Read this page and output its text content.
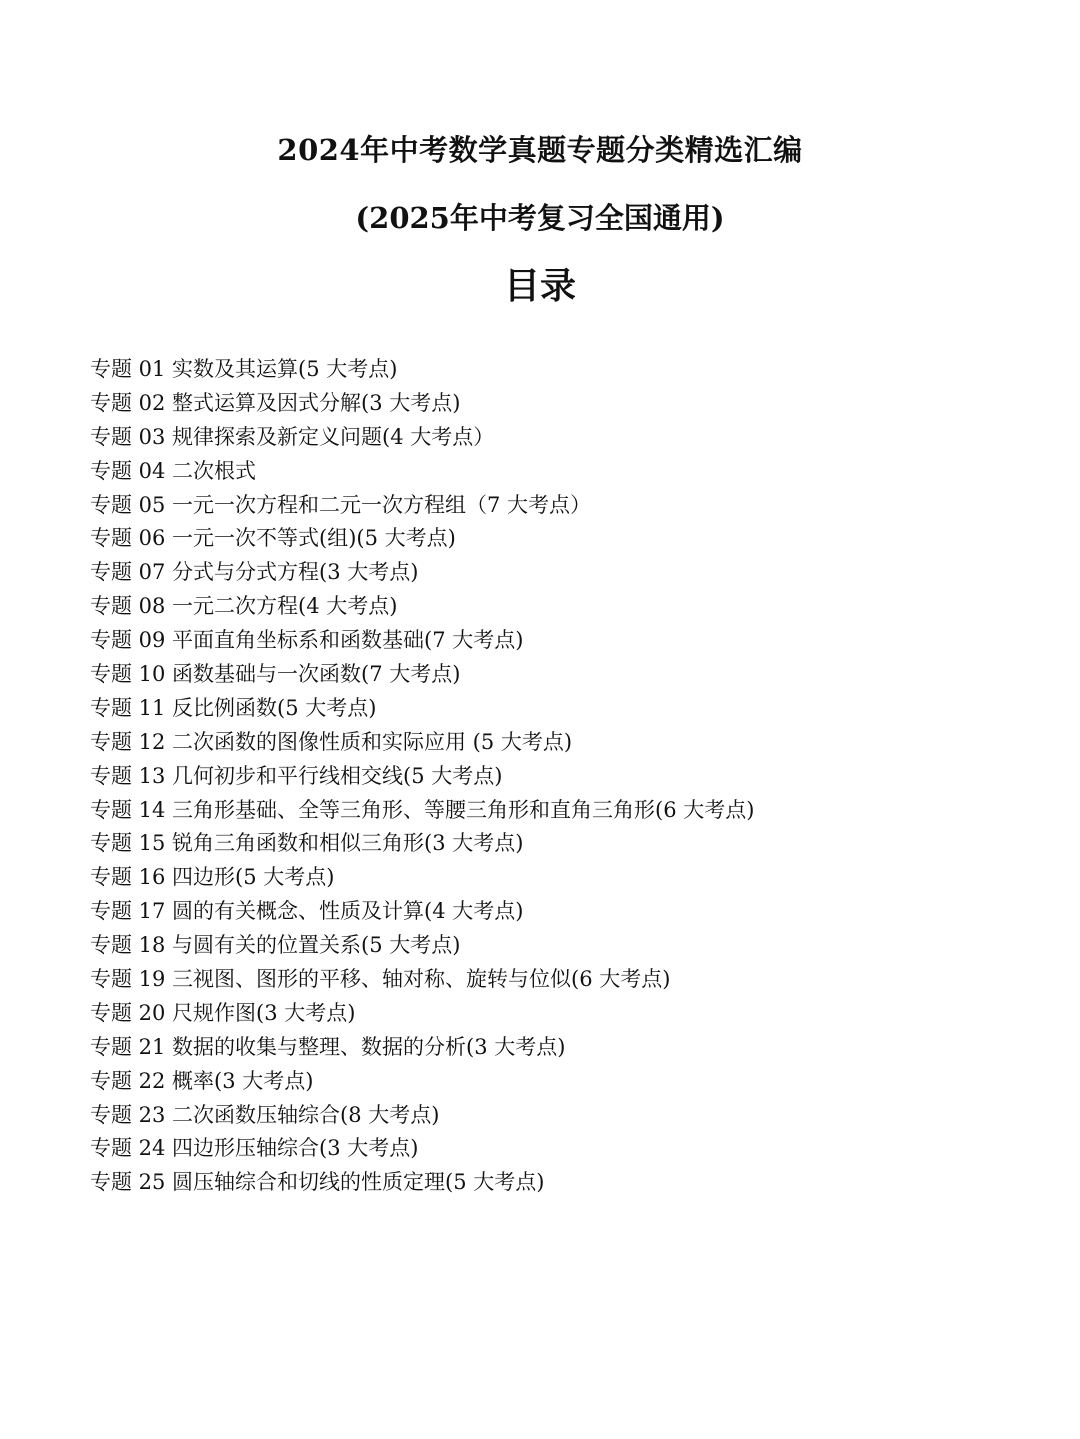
2024年中考数学真题专题分类精选汇编
(2025年中考复习全国通用)
目录
专题 01 实数及其运算(5 大考点)
专题 02 整式运算及因式分解(3 大考点)
专题 03 规律探索及新定义问题(4 大考点）
专题 04 二次根式
专题 05 一元一次方程和二元一次方程组（7 大考点）
专题 06 一元一次不等式(组)(5 大考点)
专题 07 分式与分式方程(3 大考点)
专题 08 一元二次方程(4 大考点)
专题 09 平面直角坐标系和函数基础(7 大考点)
专题 10 函数基础与一次函数(7 大考点)
专题 11 反比例函数(5 大考点)
专题 12 二次函数的图像性质和实际应用 (5 大考点)
专题 13 几何初步和平行线相交线(5 大考点)
专题 14 三角形基础、全等三角形、等腰三角形和直角三角形(6 大考点)
专题 15 锐角三角函数和相似三角形(3 大考点)
专题 16 四边形(5 大考点)
专题 17 圆的有关概念、性质及计算(4 大考点)
专题 18 与圆有关的位置关系(5 大考点)
专题 19 三视图、图形的平移、轴对称、旋转与位似(6 大考点)
专题 20 尺规作图(3 大考点)
专题 21 数据的收集与整理、数据的分析(3 大考点)
专题 22 概率(3 大考点)
专题 23 二次函数压轴综合(8 大考点)
专题 24 四边形压轴综合(3 大考点)
专题 25 圆压轴综合和切线的性质定理(5 大考点)
